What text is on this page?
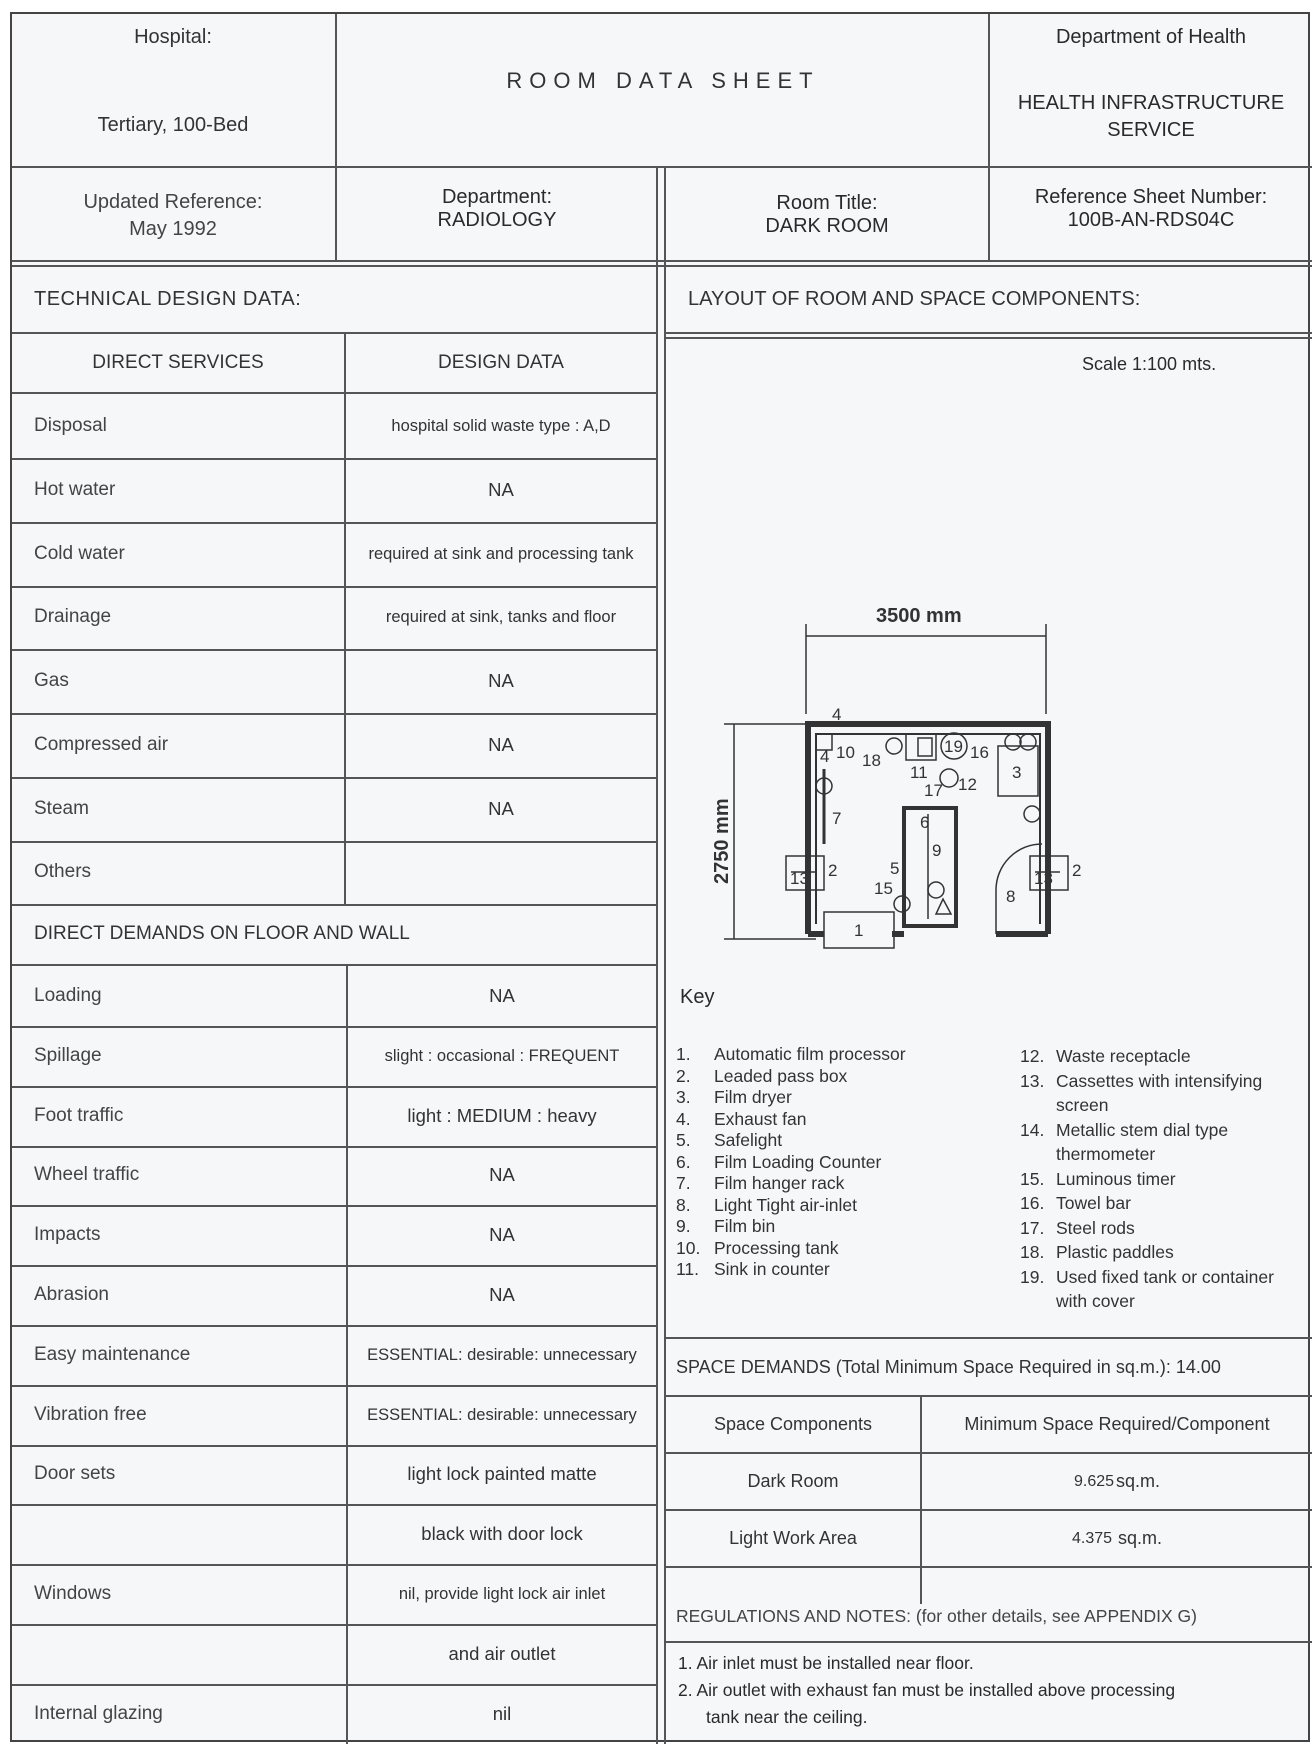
Hospital:
Tertiary, 100-Bed
ROOM DATA SHEET
Department of Health
HEALTH INFRASTRUCTURE
SERVICE
Updated Reference:
May 1992
Department:
RADIOLOGY
Room Title:
DARK ROOM
Reference Sheet Number:
100B-AN-RDS04C
TECHNICAL DESIGN DATA:
DIRECT SERVICES	DESIGN DATA
Disposal	hospital solid waste type : A,D
Hot water	NA
Cold water	required at sink and processing tank
Drainage	required at sink, tanks and floor
Gas	NA
Compressed air	NA
Steam	NA
Others
DIRECT DEMANDS ON FLOOR AND WALL
Loading	NA
Spillage	slight : occasional : FREQUENT
Foot traffic	light : MEDIUM : heavy
Wheel traffic	NA
Impacts	NA
Abrasion	NA
Easy maintenance	ESSENTIAL: desirable: unnecessary
Vibration free	ESSENTIAL: desirable: unnecessary
Door sets	light lock painted matte
black with door lock
Windows	nil, provide light lock air inlet
and air outlet
Internal glazing	nil
LAYOUT OF ROOM AND SPACE COMPONENTS:
Scale 1:100 mts.
3500 mm
2750 mm
4
4 10 18
11
19 16
3
12
17
6
7
9
5
15
13	13
2	2
8
1
Key
1.	Automatic film processor
2.	Leaded pass box
3.	Film dryer
4.	Exhaust fan
5.	Safelight
6.	Film Loading Counter
7.	Film hanger rack
8.	Light Tight air-inlet
9.	Film bin
10. Processing tank
11. Sink in counter
12. Waste receptacle
13. Cassettes with intensifying
screen
14. Metallic stem dial type
thermometer
15. Luminous timer
16. Towel bar
17. Steel rods
18. Plastic paddles
19. Used fixed tank or container
with cover
SPACE DEMANDS (Total Minimum Space Required in sq.m.): 14.00
Space Components	Minimum Space Required/Component
Dark Room	9.625 sq.m.
Light Work Area	4.375 sq.m.
REGULATIONS AND NOTES: (for other details, see APPENDIX G)
1. Air inlet must be installed near floor.
2. Air outlet with exhaust fan must be installed above processing
tank near the ceiling.
